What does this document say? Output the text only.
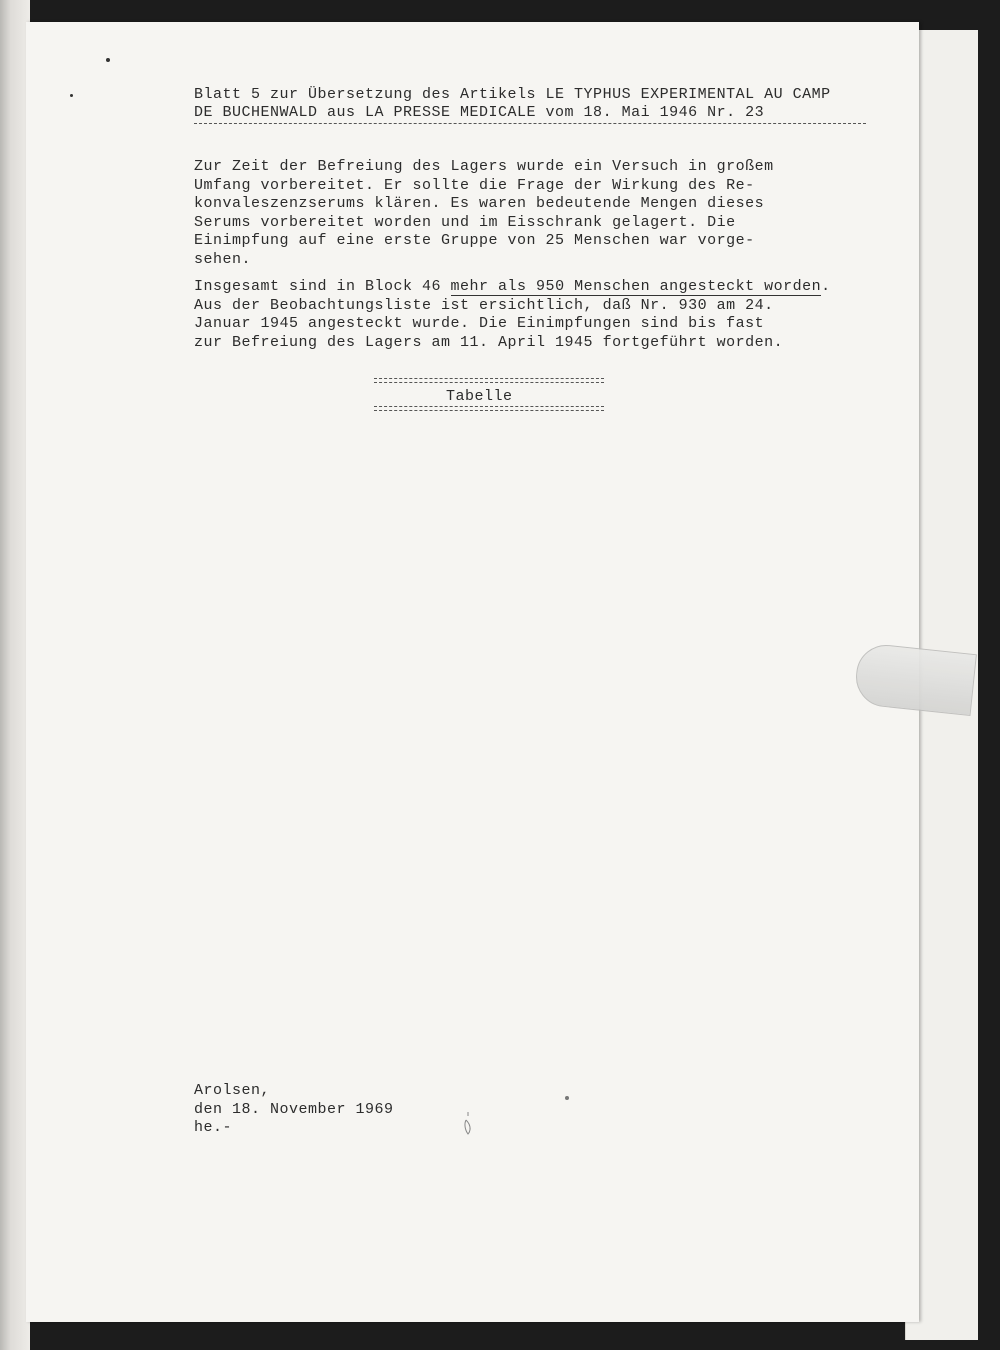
Blatt 5 zur Übersetzung des Artikels LE TYPHUS EXPERIMENTAL AU CAMP
DE BUCHENWALD aus LA PRESSE MEDICALE vom 18. Mai 1946 Nr. 23
Zur Zeit der Befreiung des Lagers wurde ein Versuch in großem
Umfang vorbereitet. Er sollte die Frage der Wirkung des Re-
konvaleszenzserums klären. Es waren bedeutende Mengen dieses
Serums vorbereitet worden und im Eisschrank gelagert. Die
Einimpfung auf eine erste Gruppe von 25 Menschen war vorge-
sehen.
Insgesamt sind in Block 46 mehr als 950 Menschen angesteckt worden.
Aus der Beobachtungsliste ist ersichtlich, daß Nr. 930 am 24.
Januar 1945 angesteckt wurde. Die Einimpfungen sind bis fast
zur Befreiung des Lagers am 11. April 1945 fortgeführt worden.
Tabelle
Arolsen,
den 18. November 1969
he.-
